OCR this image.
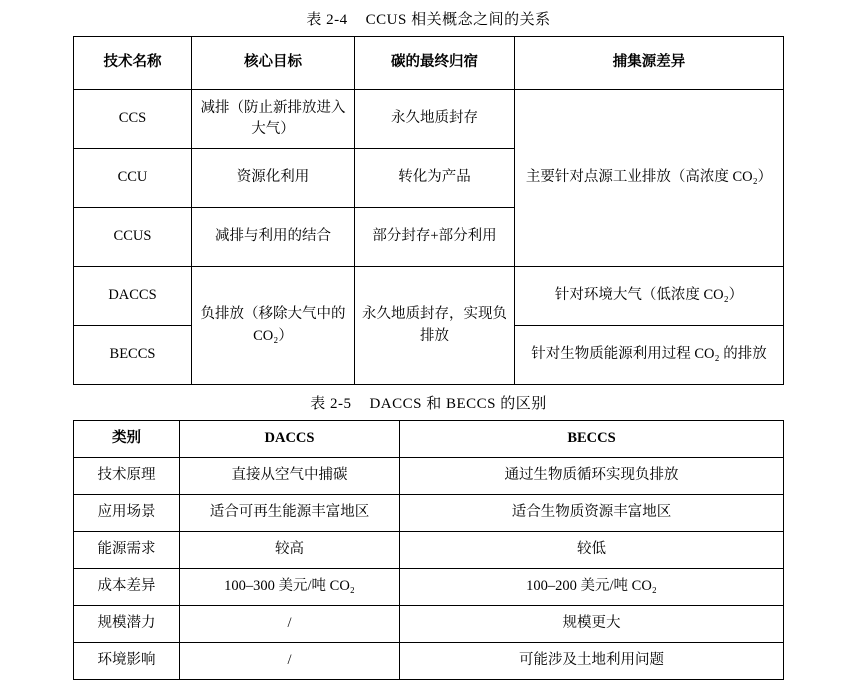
表 2-4 CCUS 相关概念之间的关系
技术名称	核心目标	碳的最终归宿	捕集源差异
CCS	减排（防止新排放进入大气）	永久地质封存	主要针对点源工业排放（高浓度 CO₂）
CCU	资源化利用	转化为产品	
CCUS	减排与利用的结合	部分封存+部分利用	
DACCS	负排放（移除大气中的 CO₂）	永久地质封存，实现负排放	针对环境大气（低浓度 CO₂）
BECCS			针对生物质能源利用过程 CO₂ 的排放
表 2-5 DACCS 和 BECCS 的区别
类别	DACCS	BECCS
技术原理	直接从空气中捕碳	通过生物质循环实现负排放
应用场景	适合可再生能源丰富地区	适合生物质资源丰富地区
能源需求	较高	较低
成本差异	100–300 美元/吨 CO₂	100–200 美元/吨 CO₂
规模潜力	/	规模更大
环境影响	/	可能涉及土地利用问题
